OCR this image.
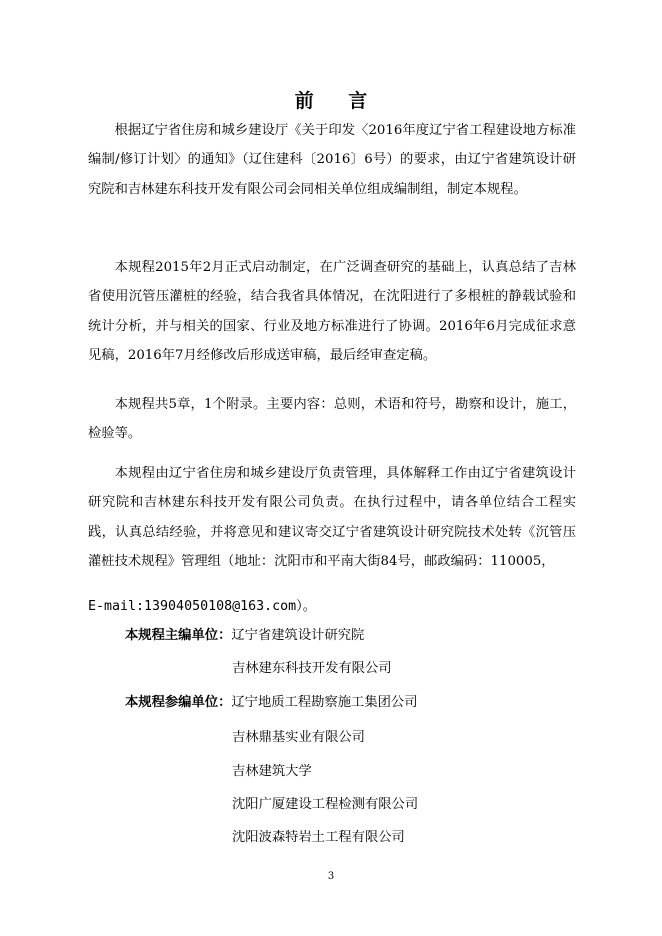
前 言

根据辽宁省住房和城乡建设厅《关于印发〈2016年度辽宁省工程建设地方标准编制/修订计划〉的通知》（辽住建科〔2016〕6号）的要求，由辽宁省建筑设计研究院和吉林建东科技开发有限公司会同相关单位组成编制组，制定本规程。

本规程2015年2月正式启动制定，在广泛调查研究的基础上，认真总结了吉林省使用沉管压灌桩的经验，结合我省具体情况，在沈阳进行了多根桩的静载试验和统计分析，并与相关的国家、行业及地方标准进行了协调。2016年6月完成征求意见稿，2016年7月经修改后形成送审稿，最后经审查定稿。

本规程共5章，1个附录。主要内容：总则，术语和符号，勘察和设计，施工，检验等。

本规程由辽宁省住房和城乡建设厅负责管理，具体解释工作由辽宁省建筑设计研究院和吉林建东科技开发有限公司负责。在执行过程中，请各单位结合工程实践，认真总结经验，并将意见和建议寄交辽宁省建筑设计研究院技术处转《沉管压灌桩技术规程》管理组（地址：沈阳市和平南大街84号，邮政编码：110005，

E-mail:13904050108@163.com）。
本规程主编单位：辽宁省建筑设计研究院
吉林建东科技开发有限公司
本规程参编单位：辽宁地质工程勘察施工集团公司
吉林鼎基实业有限公司
吉林建筑大学
沈阳广厦建设工程检测有限公司
沈阳波森特岩土工程有限公司
3
